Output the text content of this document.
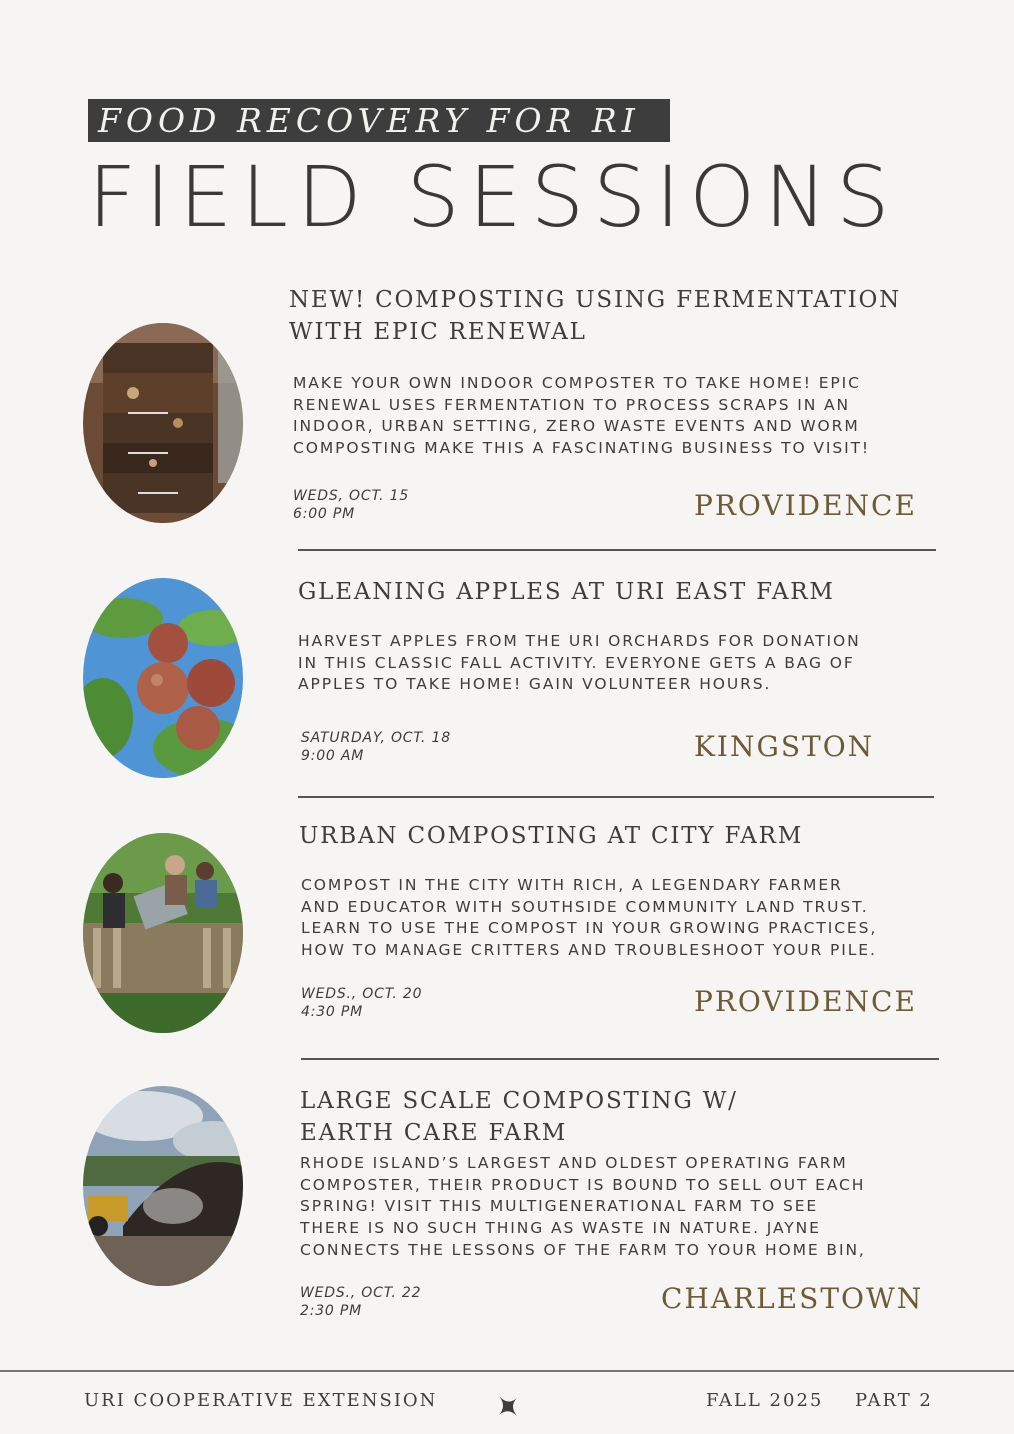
FOOD RECOVERY FOR RI
FIELD SESSIONS
NEW! COMPOSTING USING FERMENTATION
WITH EPIC RENEWAL
MAKE YOUR OWN INDOOR COMPOSTER TO TAKE HOME! EPIC
RENEWAL USES FERMENTATION TO PROCESS SCRAPS IN AN
INDOOR, URBAN SETTING, ZERO WASTE EVENTS AND WORM
COMPOSTING MAKE THIS A FASCINATING BUSINESS TO VISIT!
WEDS, OCT. 15
6:00 PM	PROVIDENCE
GLEANING APPLES AT URI EAST FARM
HARVEST APPLES FROM THE URI ORCHARDS FOR DONATION
IN THIS CLASSIC FALL ACTIVITY. EVERYONE GETS A BAG OF
APPLES TO TAKE HOME! GAIN VOLUNTEER HOURS.
SATURDAY, OCT. 18
9:00 AM	KINGSTON
URBAN COMPOSTING AT CITY FARM
COMPOST IN THE CITY WITH RICH, A LEGENDARY FARMER
AND EDUCATOR WITH SOUTHSIDE COMMUNITY LAND TRUST.
LEARN TO USE THE COMPOST IN YOUR GROWING PRACTICES,
HOW TO MANAGE CRITTERS AND TROUBLESHOOT YOUR PILE.
WEDS., OCT. 20
4:30 PM	PROVIDENCE
LARGE SCALE COMPOSTING W/
EARTH CARE FARM
RHODE ISLAND’S LARGEST AND OLDEST OPERATING FARM
COMPOSTER, THEIR PRODUCT IS BOUND TO SELL OUT EACH
SPRING! VISIT THIS MULTIGENERATIONAL FARM TO SEE
THERE IS NO SUCH THING AS WASTE IN NATURE. JAYNE
CONNECTS THE LESSONS OF THE FARM TO YOUR HOME BIN,
WEDS., OCT. 22
2:30 PM	CHARLESTOWN
URI COOPERATIVE EXTENSION	FALL 2025 PART 2
